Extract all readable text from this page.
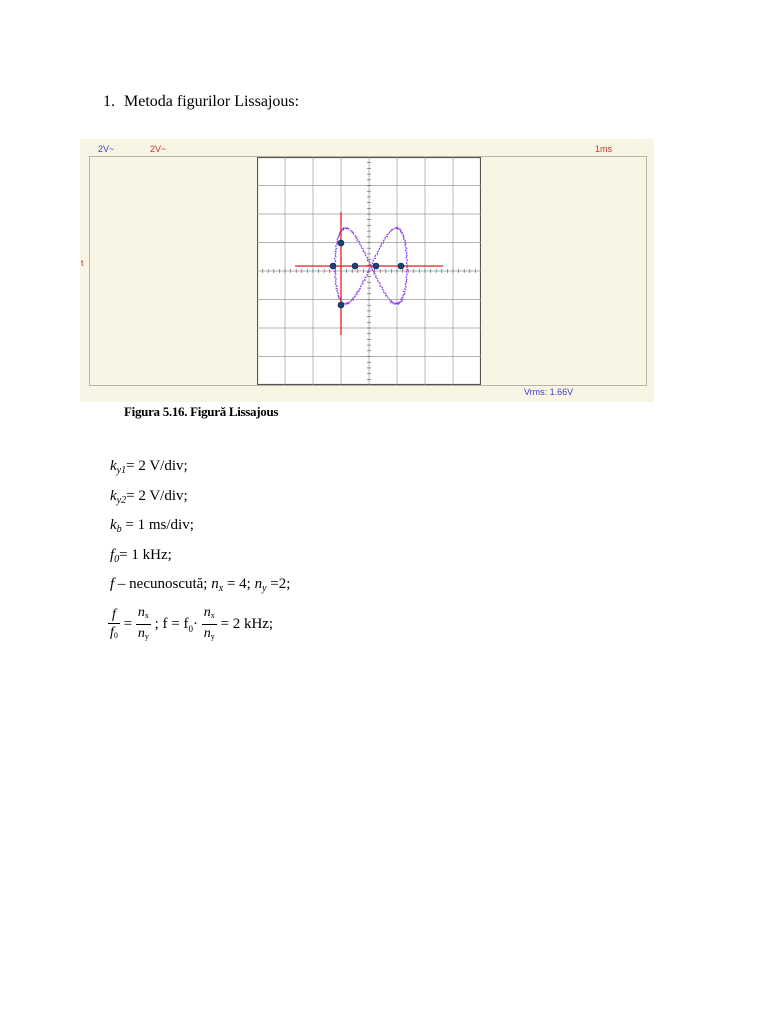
1. Metoda figurilor Lissajous:
2V~	2V~	1ms
t
Vrms: 1.66V
Figura 5.16. Figură Lissajous
$k_{y1}= 2$ V/div;
$k_{y2}= 2$ V/div;
$k_b = 1$ ms/div;
$f_0= 1$ kHz;
f – necunoscută; $n_x = 4$; $n_y =2$;
$\frac{f}{f_0} = \frac{n_x}{n_y}$ ; $f = f_0\cdot \frac{n_x}{n_y} = 2$ kHz;
